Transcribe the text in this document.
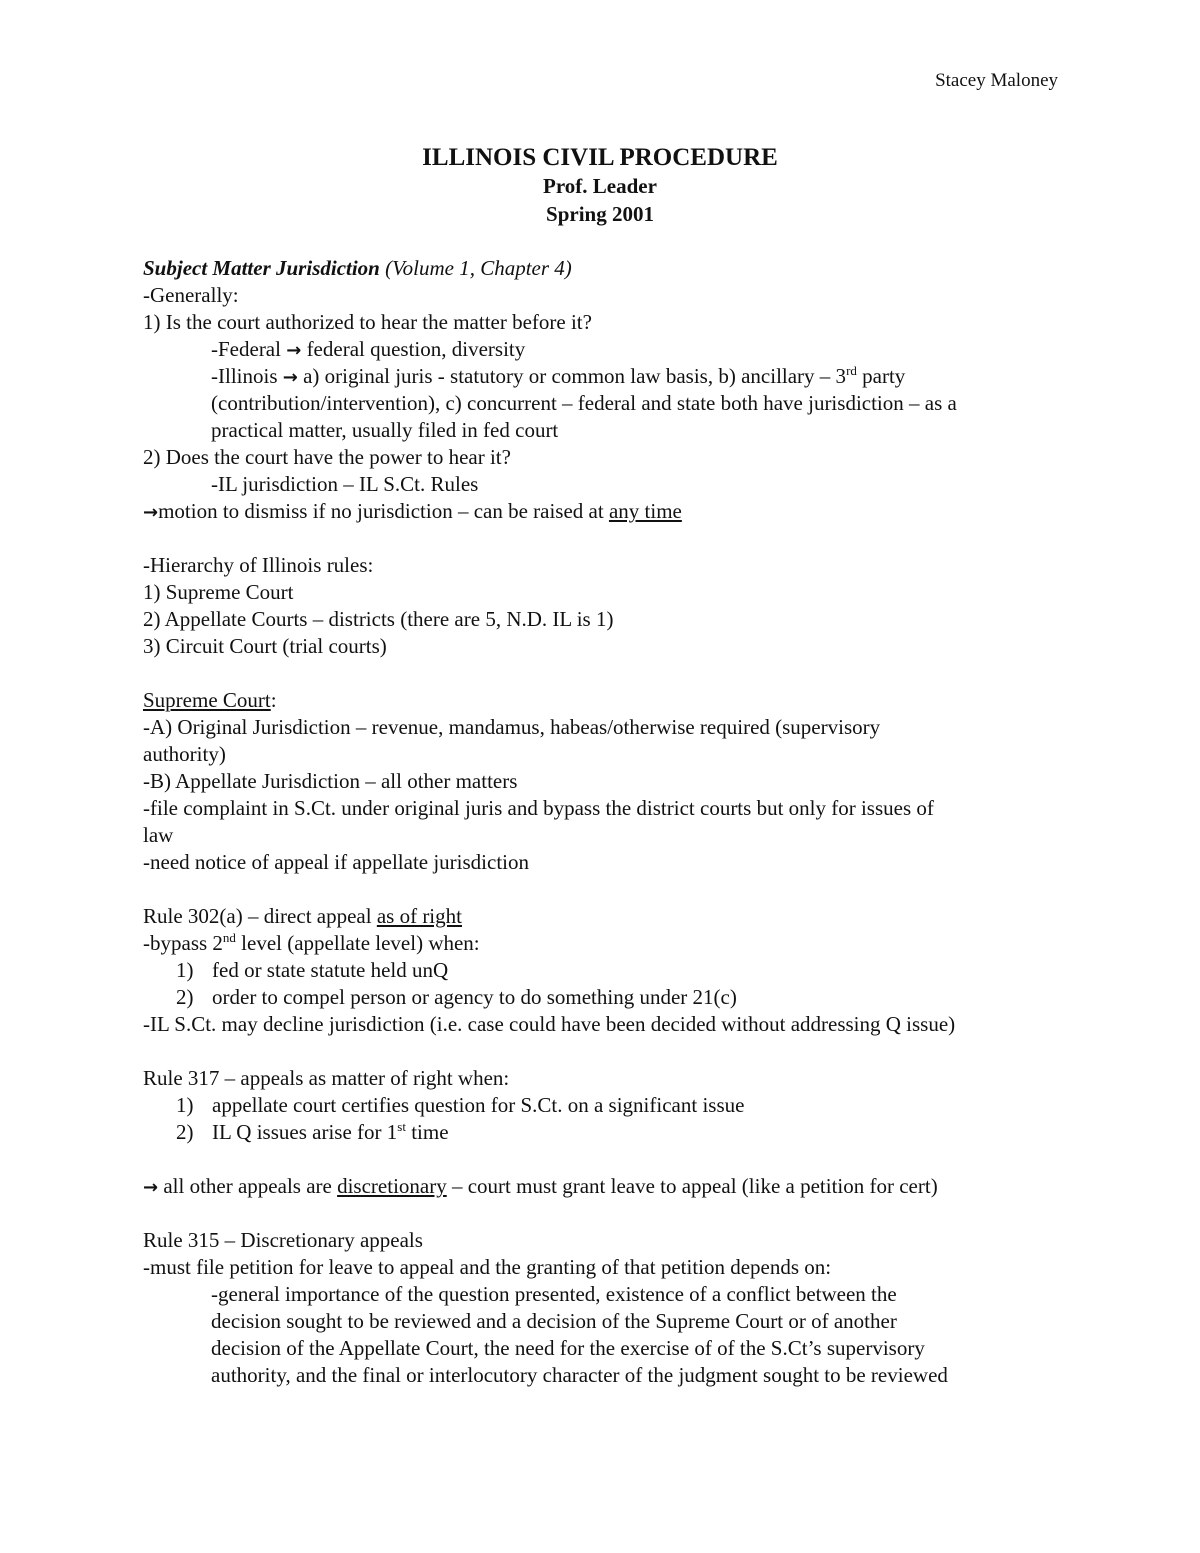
Stacey Maloney
ILLINOIS CIVIL PROCEDURE
Prof. Leader
Spring 2001
Subject Matter Jurisdiction (Volume 1, Chapter 4)
-Generally:
1) Is the court authorized to hear the matter before it?
-Federal → federal question, diversity
-Illinois → a) original juris - statutory or common law basis, b) ancillary – 3rd party
(contribution/intervention), c) concurrent – federal and state both have jurisdiction – as a
practical matter, usually filed in fed court
2) Does the court have the power to hear it?
-IL jurisdiction – IL S.Ct. Rules
→motion to dismiss if no jurisdiction – can be raised at any time
-Hierarchy of Illinois rules:
1) Supreme Court
2) Appellate Courts – districts (there are 5, N.D. IL is 1)
3) Circuit Court (trial courts)
Supreme Court:
-A) Original Jurisdiction – revenue, mandamus, habeas/otherwise required (supervisory
authority)
-B) Appellate Jurisdiction – all other matters
-file complaint in S.Ct. under original juris and bypass the district courts but only for issues of
law
-need notice of appeal if appellate jurisdiction
Rule 302(a) – direct appeal as of right
-bypass 2nd level (appellate level) when:
1) fed or state statute held unQ
2) order to compel person or agency to do something under 21(c)
-IL S.Ct. may decline jurisdiction (i.e. case could have been decided without addressing Q issue)
Rule 317 – appeals as matter of right when:
1) appellate court certifies question for S.Ct. on a significant issue
2) IL Q issues arise for 1st time
→ all other appeals are discretionary – court must grant leave to appeal (like a petition for cert)
Rule 315 – Discretionary appeals
-must file petition for leave to appeal and the granting of that petition depends on:
-general importance of the question presented, existence of a conflict between the
decision sought to be reviewed and a decision of the Supreme Court or of another
decision of the Appellate Court, the need for the exercise of of the S.Ct’s supervisory
authority, and the final or interlocutory character of the judgment sought to be reviewed
